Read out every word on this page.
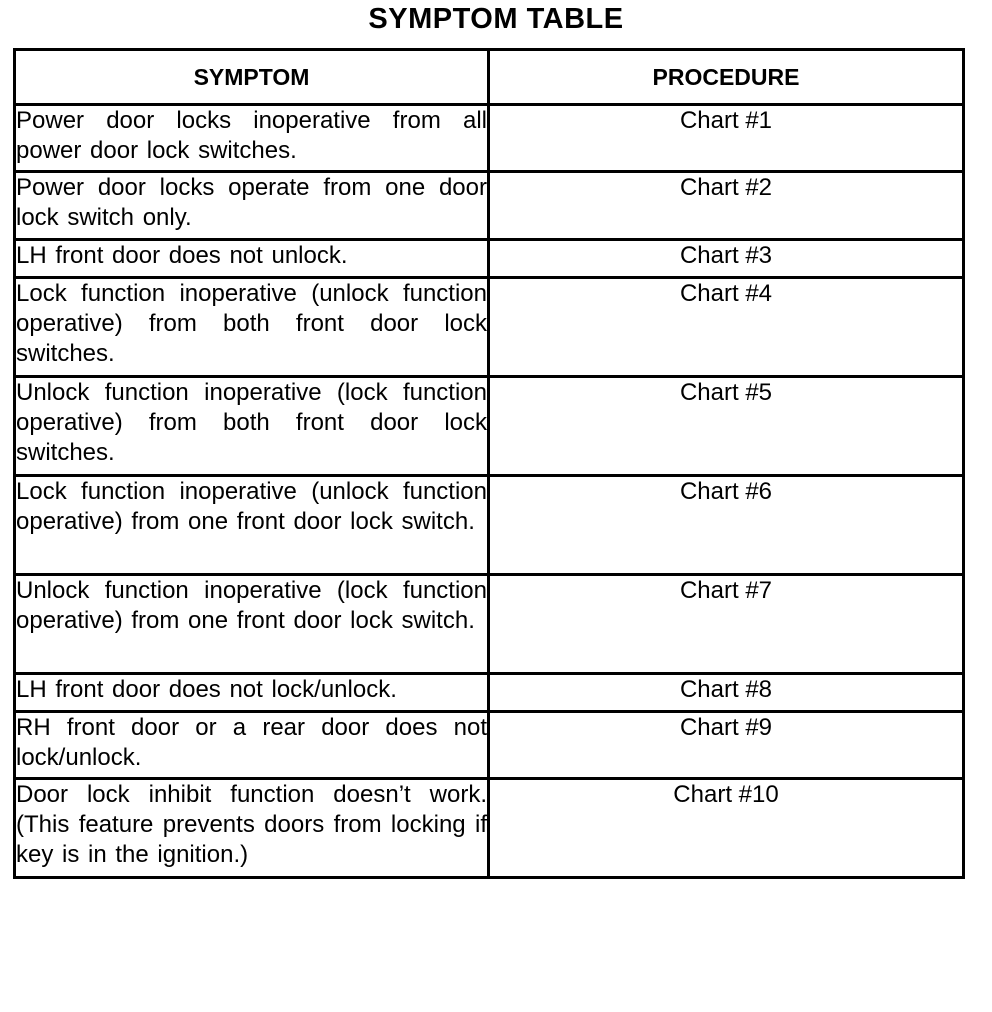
SYMPTOM TABLE
SYMPTOM	PROCEDURE
Power door locks inoperative from all power door lock switches.	Chart #1
Power door locks operate from one door lock switch only.	Chart #2
LH front door does not unlock.	Chart #3
Lock function inoperative (unlock function operative) from both front door lock switches.	Chart #4
Unlock function inoperative (lock function operative) from both front door lock switches.	Chart #5
Lock function inoperative (unlock function operative) from one front door lock switch.	Chart #6
Unlock function inoperative (lock function operative) from one front door lock switch.	Chart #7
LH front door does not lock/unlock.	Chart #8
RH front door or a rear door does not lock/unlock.	Chart #9
Door lock inhibit function doesn’t work. (This feature prevents doors from locking if key is in the ignition.)	Chart #10
